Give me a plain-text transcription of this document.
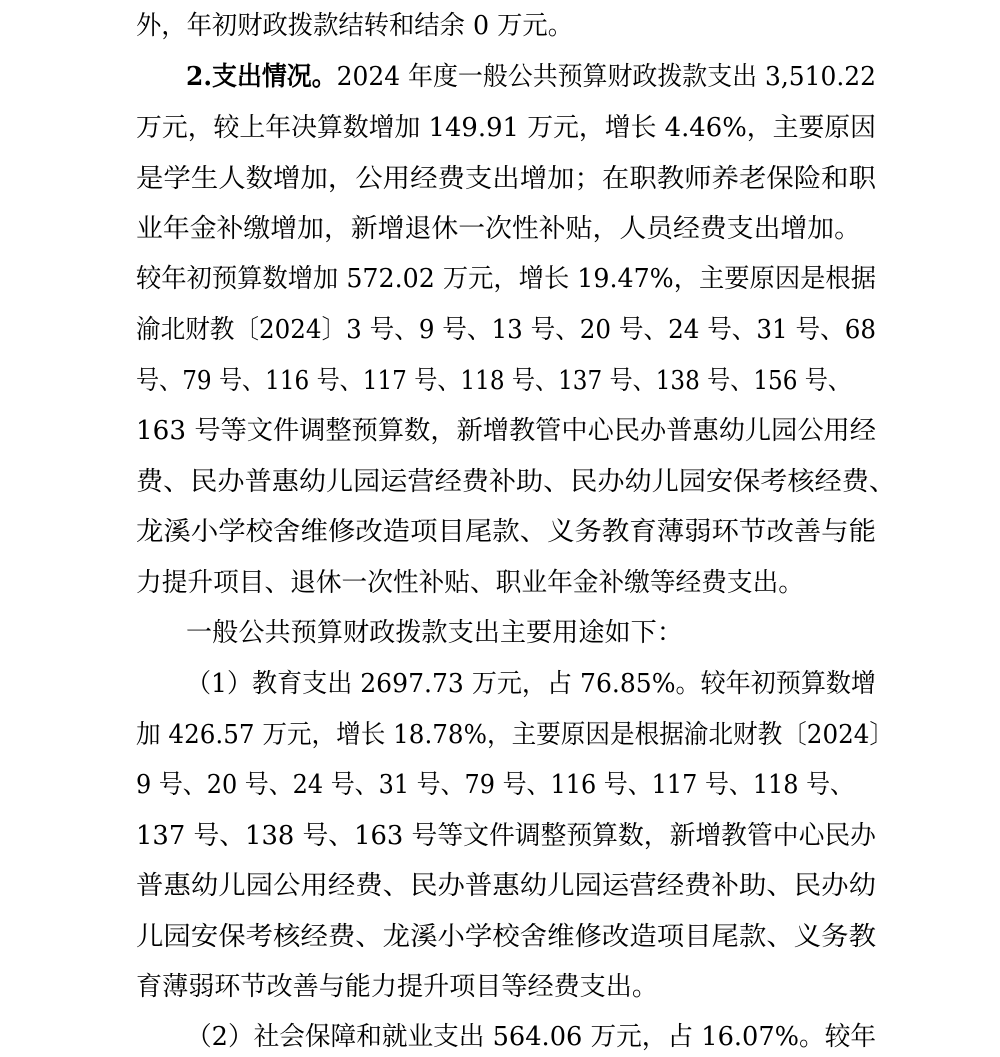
外，年初财政拨款结转和结余 0 万元。

2.支出情况。2024 年度一般公共预算财政拨款支出 3,510.22

万元，较上年决算数增加 149.91 万元，增长 4.46%，主要原因

是学生人数增加，公用经费支出增加；在职教师养老保险和职

业年金补缴增加，新增退休一次性补贴，人员经费支出增加。

较年初预算数增加 572.02 万元，增长 19.47%，主要原因是根据

渝北财教〔2024〕3 号、9 号、13 号、20 号、24 号、31 号、68

号、79 号、116 号、117 号、118 号、137 号、138 号、156 号、

163 号等文件调整预算数，新增教管中心民办普惠幼儿园公用经

费、民办普惠幼儿园运营经费补助、民办幼儿园安保考核经费、

龙溪小学校舍维修改造项目尾款、义务教育薄弱环节改善与能

力提升项目、退休一次性补贴、职业年金补缴等经费支出。

一般公共预算财政拨款支出主要用途如下：

（1）教育支出 2697.73 万元，占 76.85%。较年初预算数增

加 426.57 万元，增长 18.78%，主要原因是根据渝北财教〔2024〕

9 号、20 号、24 号、31 号、79 号、116 号、117 号、118 号、

137 号、138 号、163 号等文件调整预算数，新增教管中心民办

普惠幼儿园公用经费、民办普惠幼儿园运营经费补助、民办幼

儿园安保考核经费、龙溪小学校舍维修改造项目尾款、义务教

育薄弱环节改善与能力提升项目等经费支出。

（2）社会保障和就业支出 564.06 万元，占 16.07%。较年
